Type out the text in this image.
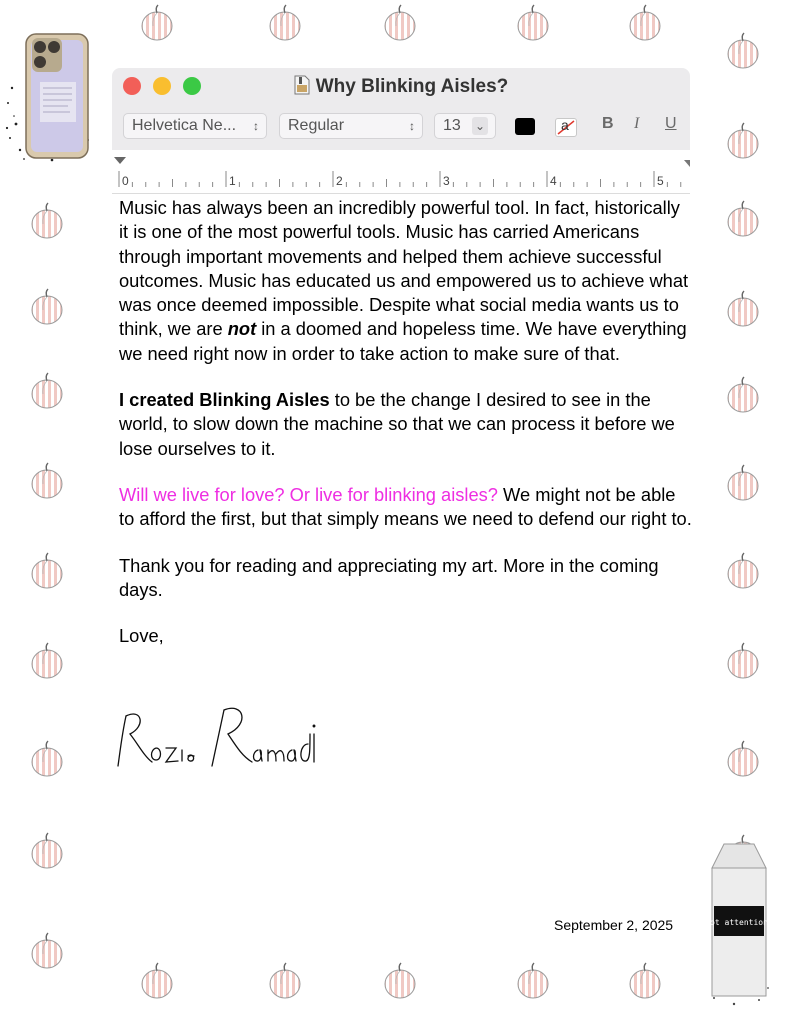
got attention?
Why Blinking Aisles?
Helvetica Ne... ↕	Regular	↕	13 ⌄	a B I U
0	1	2	3	4	5

Music has always been an incredibly powerful tool. In fact, historically it is one of the most powerful tools. Music has carried Americans through important movements and helped them achieve successful outcomes. Music has educated us and empowered us to achieve what was once deemed impossible. Despite what social media wants us to think, we are not in a doomed and hopeless time. We have everything we need right now in order to take action to make sure of that.

I created Blinking Aisles to be the change I desired to see in the world, to slow down the machine so that we can process it before we lose ourselves to it.

Will we live for love? Or live for blinking aisles? We might not be able to afford the first, but that simply means we need to defend our right to.

Thank you for reading and appreciating my art. More in the coming days.

Love,

September 2, 2025
